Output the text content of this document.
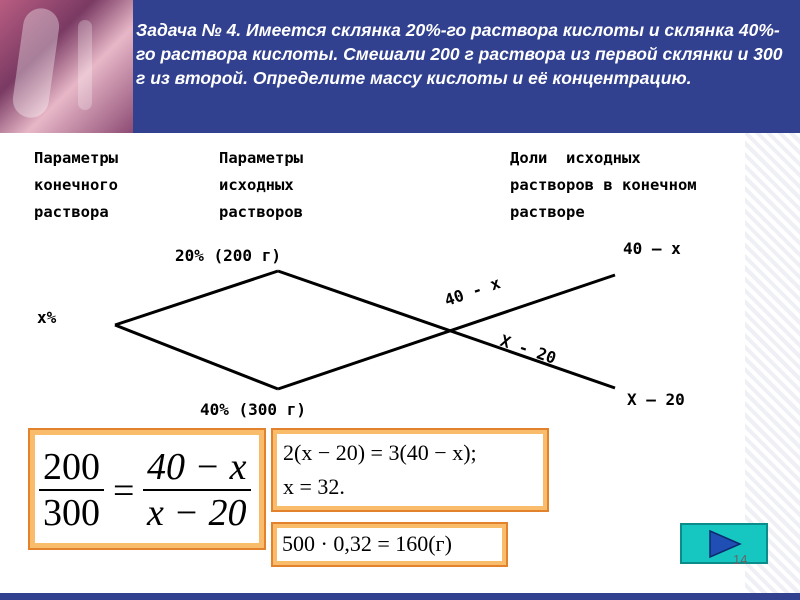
Задача № 4. Имеется склянка 20%-го раствора кислоты и склянка 40%-го раствора кислоты. Смешали 200 г раствора из первой склянки и 300 г из второй. Определите массу кислоты и её концентрацию.

Параметры
конечного
раствора
Параметры
исходных
растворов
Доли  исходных
растворов в конечном
растворе
x%
20% (200 г)
40% (300 г)
40 – x
X – 20
40 - x
X - 20
$\frac{200}{300} = \frac{40 - x}{x - 20} 2(x - 20) = 3(40 - x)$;
x = 32.
500 · 0,32 = 160(г)
14
